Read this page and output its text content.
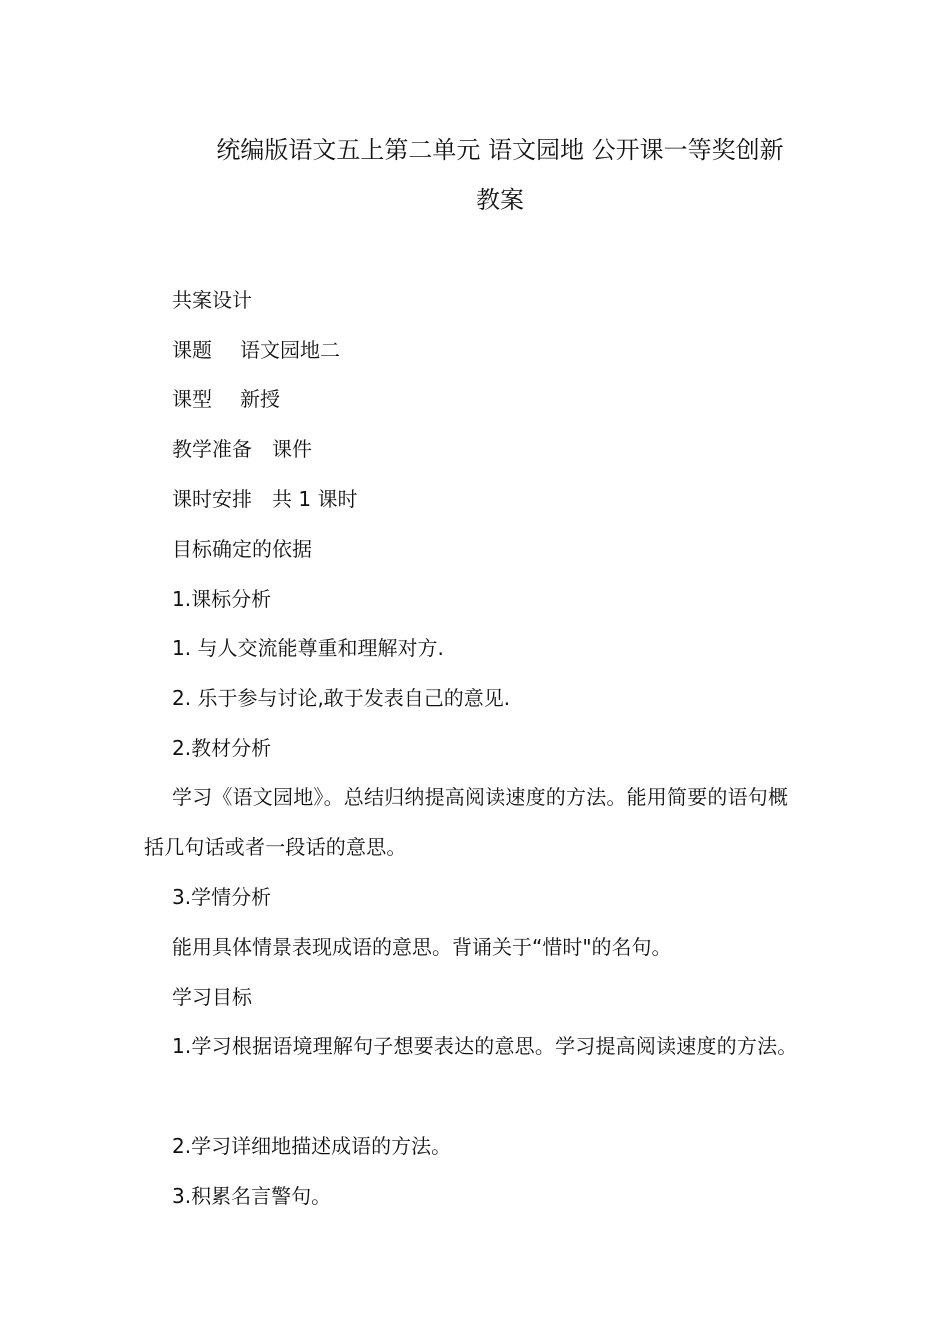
统编版语文五上第二单元 语文园地 公开课一等奖创新
教案
共案设计
课题 语文园地二
课型 新授
教学准备 课件
课时安排 共 1 课时
目标确定的依据
1.课标分析
1. 与人交流能尊重和理解对方.
2. 乐于参与讨论,敢于发表自己的意见.
2.教材分析
学习《语文园地》。总结归纳提高阅读速度的方法。能用简要的语句概括几句话或者一段话的意思。
3.学情分析
能用具体情景表现成语的意思。背诵关于“惜时"的名句。
学习目标
1.学习根据语境理解句子想要表达的意思。学习提高阅读速度的方法。
2.学习详细地描述成语的方法。
3.积累名言警句。
